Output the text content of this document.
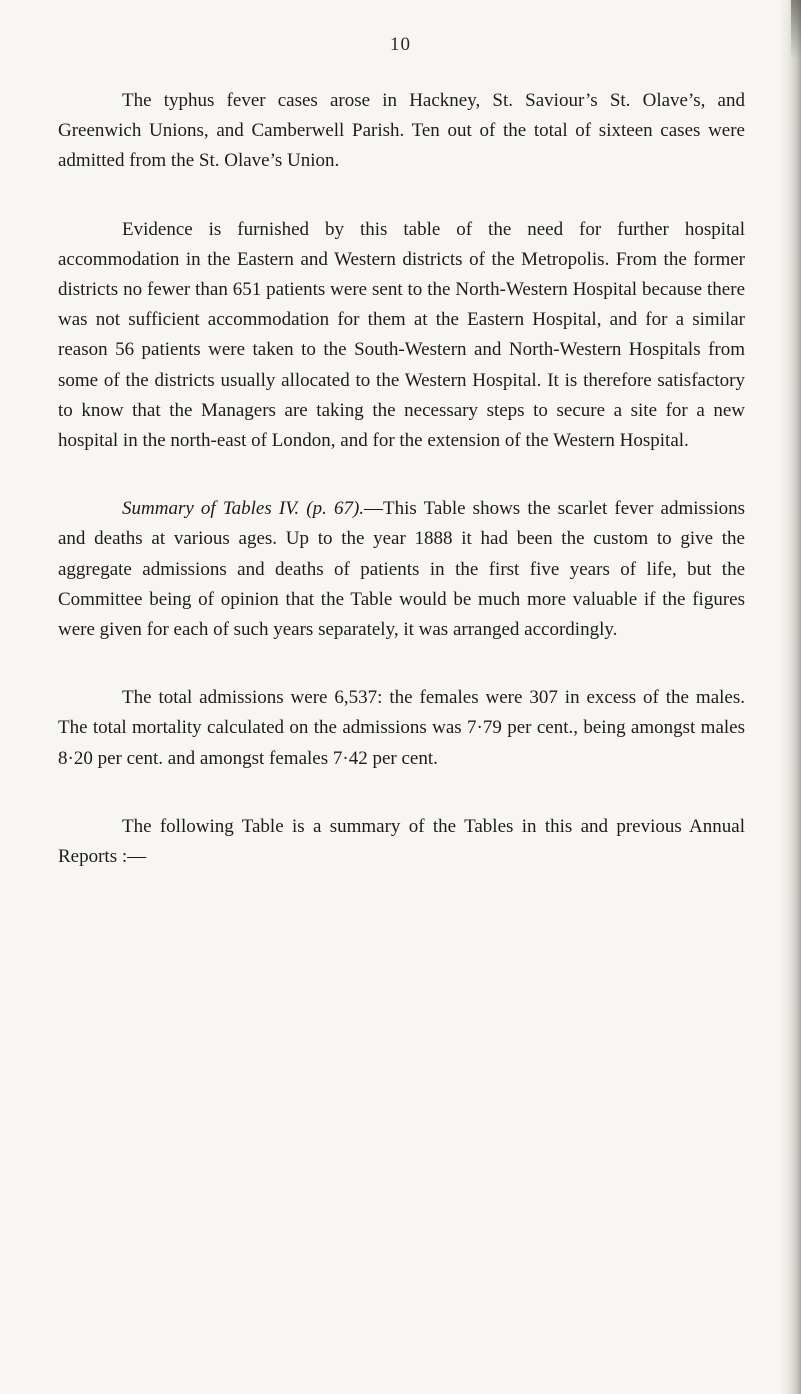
10

The typhus fever cases arose in Hackney, St. Saviour’s St. Olave’s, and Greenwich Unions, and Camberwell Parish. Ten out of the total of sixteen cases were admitted from the St. Olave’s Union.

Evidence is furnished by this table of the need for further hospital accommodation in the Eastern and Western districts of the Metropolis. From the former districts no fewer than 651 patients were sent to the North-Western Hospital because there was not sufficient accommodation for them at the Eastern Hospital, and for a similar reason 56 patients were taken to the South-Western and North-Western Hospitals from some of the districts usually allocated to the Western Hospital. It is therefore satisfactory to know that the Managers are taking the necessary steps to secure a site for a new hospital in the north-east of London, and for the extension of the Western Hospital.

Summary of Tables IV. (p. 67).—This Table shows the scarlet fever admissions and deaths at various ages. Up to the year 1888 it had been the custom to give the aggregate admissions and deaths of patients in the first five years of life, but the Committee being of opinion that the Table would be much more valuable if the figures were given for each of such years separately, it was arranged accordingly.

The total admissions were 6,537: the females were 307 in excess of the males. The total mortality calculated on the admissions was 7·79 per cent., being amongst males 8·20 per cent. and amongst females 7·42 per cent.

The following Table is a summary of the Tables in this and previous Annual Reports :—
